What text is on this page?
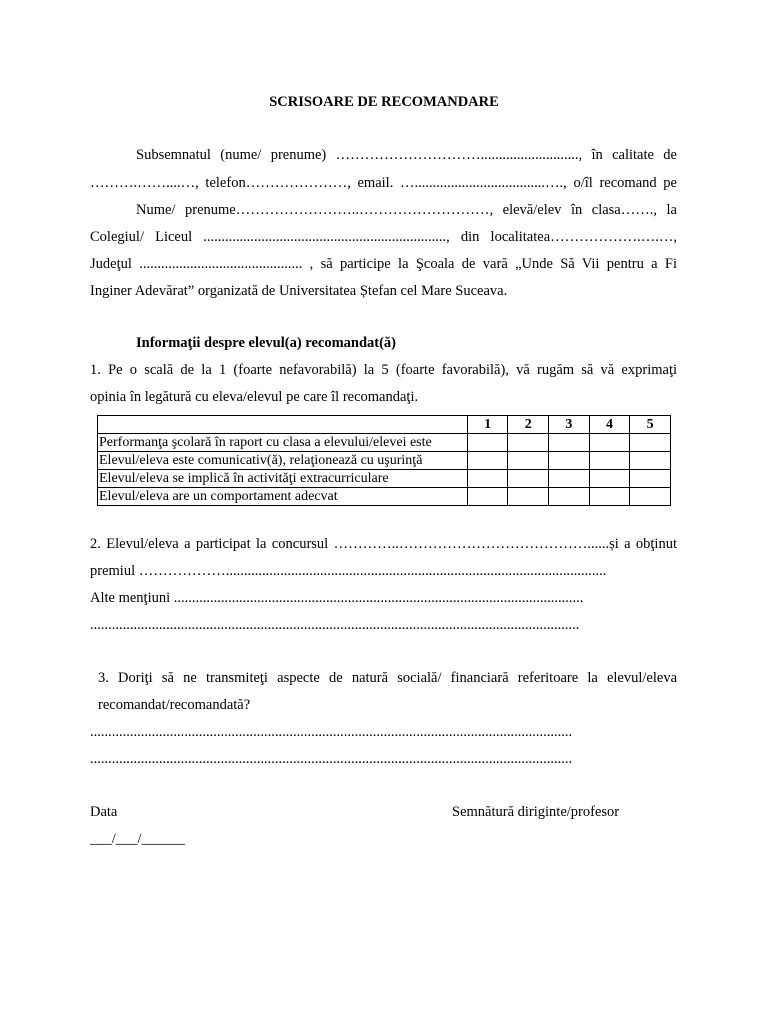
SCRISOARE DE RECOMANDARE
Subsemnatul (nume/ prenume) …………………………..........................., în calitate de
……….……....…, telefon…………………, email. …....................................…., o/îl recomand pe
Nume/ prenume……………………..………………………, elevă/elev în clasa……., la
Colegiul/ Liceul ..................................................................., din localitatea……………….….…,
Judeţul ............................................. , să participe la Şcoala de vară „Unde Să Vii pentru a Fi
Inginer Adevărat” organizată de Universitatea Ștefan cel Mare Suceava.
Informaţii despre elevul(a) recomandat(ă)
1. Pe o scală de la 1 (foarte nefavorabilă) la 5 (foarte favorabilă), vă rugăm să vă exprimaţi
opinia în legătură cu eleva/elevul pe care îl recomandaţi.
	1	2	3	4	5
Performanţa şcolară în raport cu clasa a elevului/elevei este					
Elevul/eleva este comunicativ(ă), relaţionează cu uşurinţă					
Elevul/eleva se implică în activităţi extracurriculare					
Elevul/eleva are un comportament adecvat					
2. Elevul/eleva a participat la concursul …………..…………………………………......și a obţinut
premiul ……………….........................................................................................................
Alte menţiuni .................................................................................................................
.......................................................................................................................................
3. Doriţi să ne transmiteţi aspecte de natură socială/ financiară referitoare la elevul/eleva
recomandat/recomandată?
.....................................................................................................................................
.....................................................................................................................................
Data
___/___/______
Semnătură diriginte/profesor
